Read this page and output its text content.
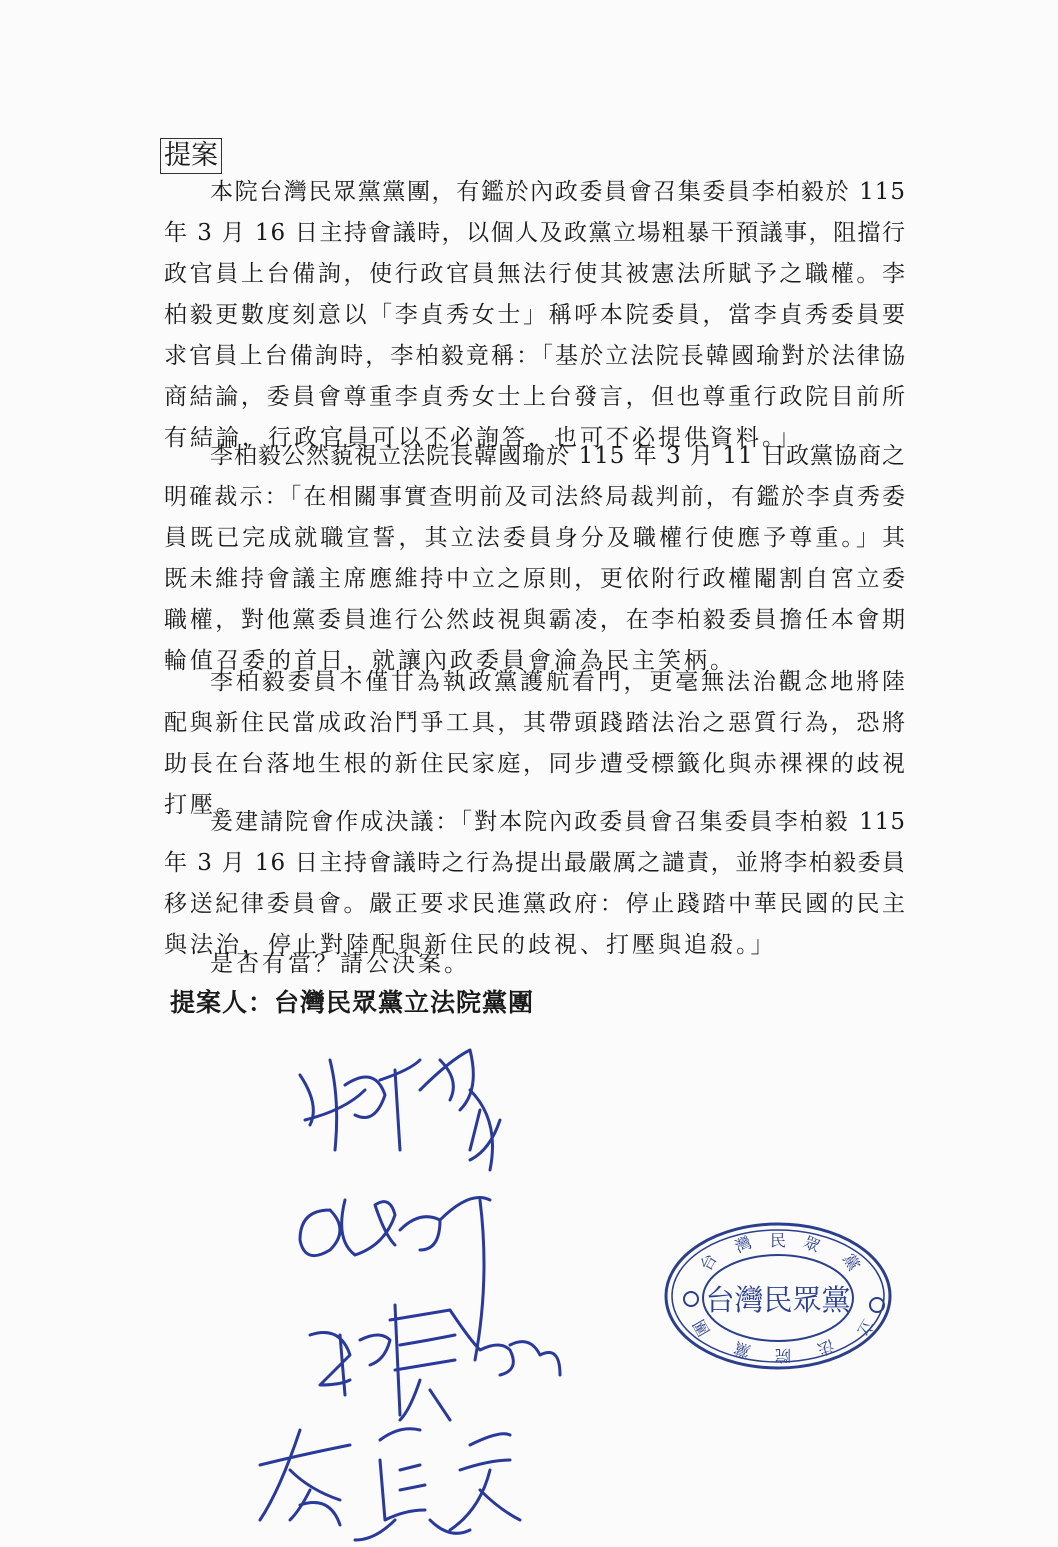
提案
本院台灣民眾黨黨團，有鑑於內政委員會召集委員李柏毅於 115
年 3 月 16 日主持會議時，以個人及政黨立場粗暴干預議事，阻擋行
政官員上台備詢，使行政官員無法行使其被憲法所賦予之職權。李
柏毅更數度刻意以「李貞秀女士」稱呼本院委員，當李貞秀委員要
求官員上台備詢時，李柏毅竟稱：「基於立法院長韓國瑜對於法律協
商結論，委員會尊重李貞秀女士上台發言，但也尊重行政院目前所
有結論，行政官員可以不必詢答，也可不必提供資料。」
李柏毅公然藐視立法院長韓國瑜於 115 年 3 月 11 日政黨協商之
明確裁示：「在相關事實查明前及司法終局裁判前，有鑑於李貞秀委
員既已完成就職宣誓，其立法委員身分及職權行使應予尊重。」其
既未維持會議主席應維持中立之原則，更依附行政權閹割自宮立委
職權，對他黨委員進行公然歧視與霸凌，在李柏毅委員擔任本會期
輪值召委的首日，就讓內政委員會淪為民主笑柄。
李柏毅委員不僅甘為執政黨護航看門，更毫無法治觀念地將陸
配與新住民當成政治鬥爭工具，其帶頭踐踏法治之惡質行為，恐將
助長在台落地生根的新住民家庭，同步遭受標籤化與赤裸裸的歧視
打壓。
爰建請院會作成決議：「對本院內政委員會召集委員李柏毅 115
年 3 月 16 日主持會議時之行為提出最嚴厲之譴責，並將李柏毅委員
移送紀律委員會。嚴正要求民進黨政府：停止踐踏中華民國的民主
與法治，停止對陸配與新住民的歧視、打壓與追殺。」
是否有當？請公決案。
提案人：台灣民眾黨立法院黨團
台灣民眾黨
台
灣 民 眾
黨
立
法
院
黨
團
